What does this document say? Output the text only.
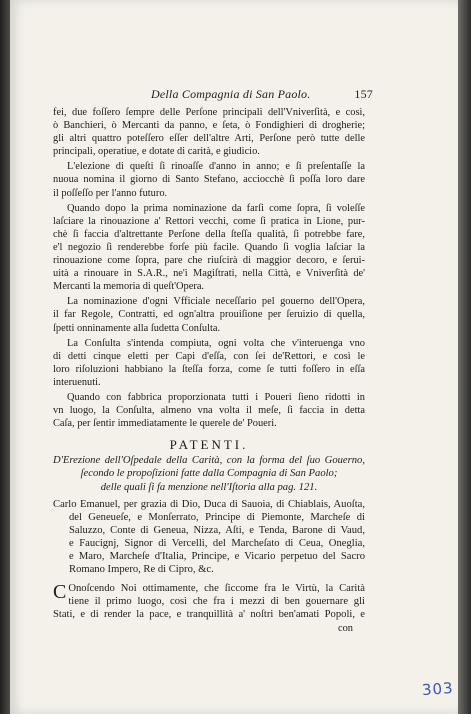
Della Compagnia di San Paolo.	157

fei, due foſſero ſempre delle Perſone principali dell'Vniverſità, e così,
ò Banchieri, ò Mercanti da panno, e ſeta, ò Fondighieri di drogherie;
gli altri quattro poteſſero eſſer dell'altre Arti, Perſone però tutte delle
principali, operatiue, e dotate di carità, e giudicio.

L'elezione di queſti ſi rinoaſſe d'anno in anno; e ſi preſentaſſe la
nuoua nomina il giorno di Santo Stefano, acciocchè ſi poſſa loro dare
il poſſeſſo per l'anno futuro.

Quando dopo la prima nominazione da farſi come ſopra, ſi voleſſe
laſciare la rinouazione a' Rettori vecchi, come ſi pratica in Lione, pur-
chè ſi faccia d'altrettante Perſone della ſteſſa qualità, ſi potrebbe fare,
e'l negozio ſi renderebbe forſe più facile. Quando ſi voglia laſciar la
rinouazione come ſopra, pare che riuſcirà di maggior decoro, e ſerui-
uità a rinouare in S.A.R., ne'i Magiſtrati, nella Città, e Vniverſità de'
Mercanti la memoria di queſt'Opera.

La nominazione d'ogni Vfficiale neceſſario pel gouerno dell'Opera,
il far Regole, Contratti, ed ogn'altra prouiſione per ſeruizio di quella,
ſpetti onninamente alla ſudetta Conſulta.

La Conſulta s'intenda compiuta, ogni volta che v'interuenga vno
di detti cinque eletti per Capi d'eſſa, con ſei de'Rettori, e così le
loro riſoluzioni habbiano la ſteſſa forza, come ſe tutti foſſero in eſſa
interuenuti.

Quando con fabbrica proporzionata tutti i Poueri ſieno ridotti in
vn luogo, la Conſulta, almeno vna volta il meſe, ſi faccia in detta
Caſa, per ſentir immediatamente le querele de' Poueri.

PATENTI.
D'Erezione dell'Oſpedale della Carità, con la forma del ſuo Gouerno,
ſecondo le propoſizioni fatte dalla Compagnia di San Paolo;
delle quali ſi fa menzione nell'Iſtoria alla pag. 121.
Carlo Emanuel, per grazia di Dio, Duca di Sauoia, di Chiablais, Auoſta,
del Geneueſe, e Monſerrato, Principe di Piemonte, Marcheſe di
Saluzzo, Conte di Geneua, Nizza, Aſti, e Tenda, Barone di Vaud,
e Faucignj, Signor di Vercelli, del Marcheſato di Ceua, Oneglia,
e Maro, Marcheſe d'Italia, Principe, e Vicario perpetuo del Sacro
Romano Impero, Re di Cipro, &c.
C Onoſcendo Noi ottimamente, che ſiccome fra le Virtù, la Carità
tiene il primo luogo, così che fra i mezzi di ben gouernare gli
Stati, e di render la pace, e tranquillità a' noſtri ben'amati Popoli, e
con
303
